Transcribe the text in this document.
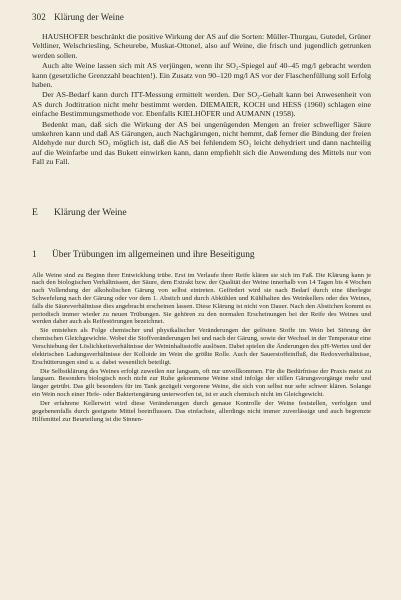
302 Klärung der Weine

HAUSHOFER beschränkt die positive Wirkung der AS auf die Sorten: Müller-Thurgau, Gutedel, Grüner Veltliner, Welschriesling, Scheurebe, Muskat-Ottonel, also auf Weine, die frisch und jugendlich getrunken werden sollen.

Auch alte Weine lassen sich mit AS verjüngen, wenn ihr SO₂-Spiegel auf 40–45 mg/l gebracht werden kann (gesetzliche Grenzzahl beachten!). Ein Zusatz von 90–120 mg/l AS vor der Flaschenfüllung soll Erfolg haben.

Der AS-Bedarf kann durch ITT-Messung ermittelt werden. Der SO₂-Gehalt kann bei Anwesenheit von AS durch Jodtitration nicht mehr bestimmt werden. DIEMAIER, KOCH und HESS (1960) schlagen eine einfache Bestimmungsmethode vor. Ebenfalls KIELHÖFER und AUMANN (1958).

Bedenkt man, daß sich die Wirkung der AS bei ungenügenden Mengen an freier schwefliger Säure umkehren kann und daß AS Gärungen, auch Nachgärungen, nicht hemmt, daß ferner die Bindung der freien Aldehyde nur durch SO₂ möglich ist, daß die AS bei fehlendem SO₂ leicht dehydriert und dann nachteilig auf die Weinfarbe und das Bukett einwirken kann, dann empfiehlt sich die Anwendung des Mittels nur von Fall zu Fall.

E Klärung der Weine
1 Über Trübungen im allgemeinen und ihre Beseitigung

Alle Weine sind zu Beginn ihrer Entwicklung trübe. Erst im Verlaufe ihrer Reife klären sie sich im Faß. Die Klärung kann je nach den biologischen Verhältnissen, der Säure, dem Extrakt bzw. der Qualität der Weine innerhalb von 14 Tagen bis 4 Wochen nach Vollendung der alkoholischen Gärung von selbst eintreten. Gefördert wird sie nach Bedarf durch eine überlegte Schwefelung nach der Gärung oder vor dem 1. Abstich und durch Abkühlen und Kühlhalten des Weinkellers oder des Weines, falls die Säureverhältnisse dies angebracht erscheinen lassen. Diese Klärung ist nicht von Dauer. Nach den Abstichen kommt es periodisch immer wieder zu neuen Trübungen. Sie gehören zu den normalen Erscheinungen bei der Reife des Weines und werden daher auch als Reifestörungen bezeichnet.

Sie entstehen als Folge chemischer und physikalischer Veränderungen der gelösten Stoffe im Wein bei Störung der chemischen Gleichgewichte. Wobei die Stoffveränderungen bei und nach der Gärung, sowie der Wechsel in der Temperatur eine Verschiebung der Löslichkeitsverhältnisse der Weininhaltsstoffe auslösen. Dabei spielen die Änderungen des pH-Wertes und der elektrischen Ladungsverhältnisse der Kolloide im Wein die größte Rolle. Auch der Sauerstoffeinfluß, die Redoxverhältnisse, Erschütterungen sind u. a. dabei wesentlich beteiligt.

Die Selbstklärung des Weines erfolgt zuweilen nur langsam, oft nur unvollkommen. Für die Bedürfnisse der Praxis meist zu langsam. Besonders biologisch noch nicht zur Ruhe gekommene Weine sind infolge der stillen Gärungsvorgänge mehr und länger getrübt. Das gilt besonders für im Tank gezügelt vergorene Weine, die sich von selbst nur sehr schwer klären. Solange ein Wein noch einer Hefe- oder Bakteriengärung unterworfen ist, ist er auch chemisch nicht im Gleichgewicht.

Der erfahrene Kellerwirt wird diese Veränderungen durch genaue Kontrolle der Weine feststellen, verfolgen und gegebenenfalls durch geeignete Mittel beeinflussen. Das einfachste, allerdings nicht immer zuverlässige und auch begrenzte Hilfsmittel zur Beurteilung ist die Sinnen-
